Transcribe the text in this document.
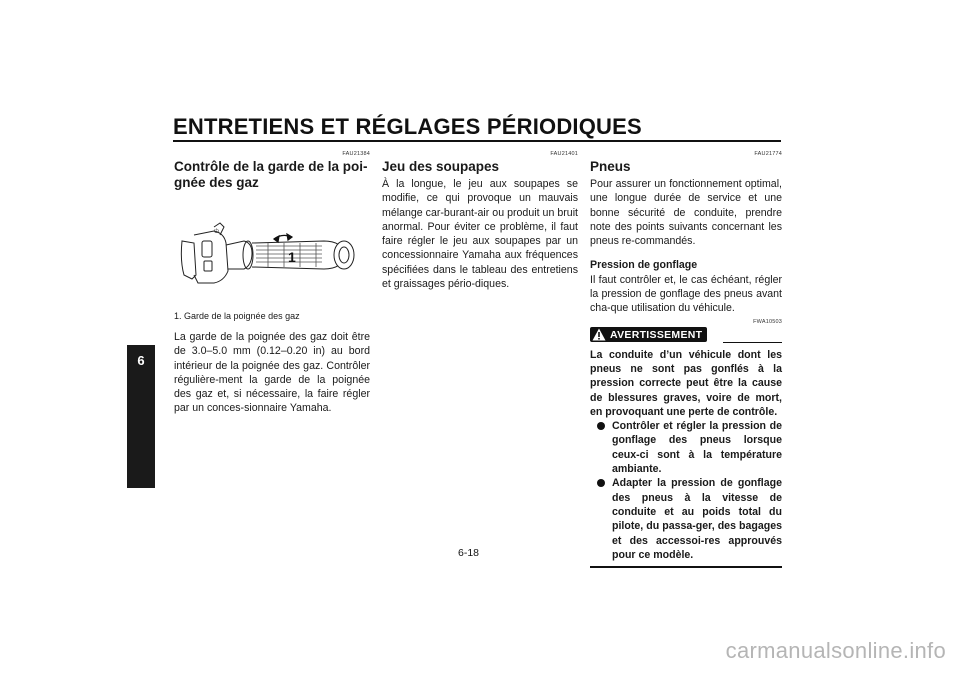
ENTRETIENS ET RÉGLAGES PÉRIODIQUES
6
FAU21384
Contrôle de la garde de la poi-gnée des gaz
⏻
1
1. Garde de la poignée des gaz

La garde de la poignée des gaz doit être de 3.0–5.0 mm (0.12–0.20 in) au bord intérieur de la poignée des gaz. Contrôler régulière-ment la garde de la poignée des gaz et, si nécessaire, la faire régler par un conces-sionnaire Yamaha.

FAU21401
Jeu des soupapes

À la longue, le jeu aux soupapes se modifie, ce qui provoque un mauvais mélange car-burant-air ou produit un bruit anormal. Pour éviter ce problème, il faut faire régler le jeu aux soupapes par un concessionnaire Yamaha aux fréquences spécifiées dans le tableau des entretiens et graissages pério-diques.

FAU21774
Pneus

Pour assurer un fonctionnement optimal, une longue durée de service et une bonne sécurité de conduite, prendre note des points suivants concernant les pneus re-commandés.

Pression de gonflage

Il faut contrôler et, le cas échéant, régler la pression de gonflage des pneus avant cha-que utilisation du véhicule.

FWA10503
AVERTISSEMENT
La conduite d’un véhicule dont les pneus ne sont pas gonflés à la pression correcte peut être la cause de blessures graves, voire de mort, en provoquant une perte de contrôle.
Contrôler et régler la pression de gonflage des pneus lorsque ceux-ci sont à la température ambiante.
Adapter la pression de gonflage des pneus à la vitesse de conduite et au poids total du pilote, du passa-ger, des bagages et des accessoi-res approuvés pour ce modèle.
6-18
carmanualsonline.info
